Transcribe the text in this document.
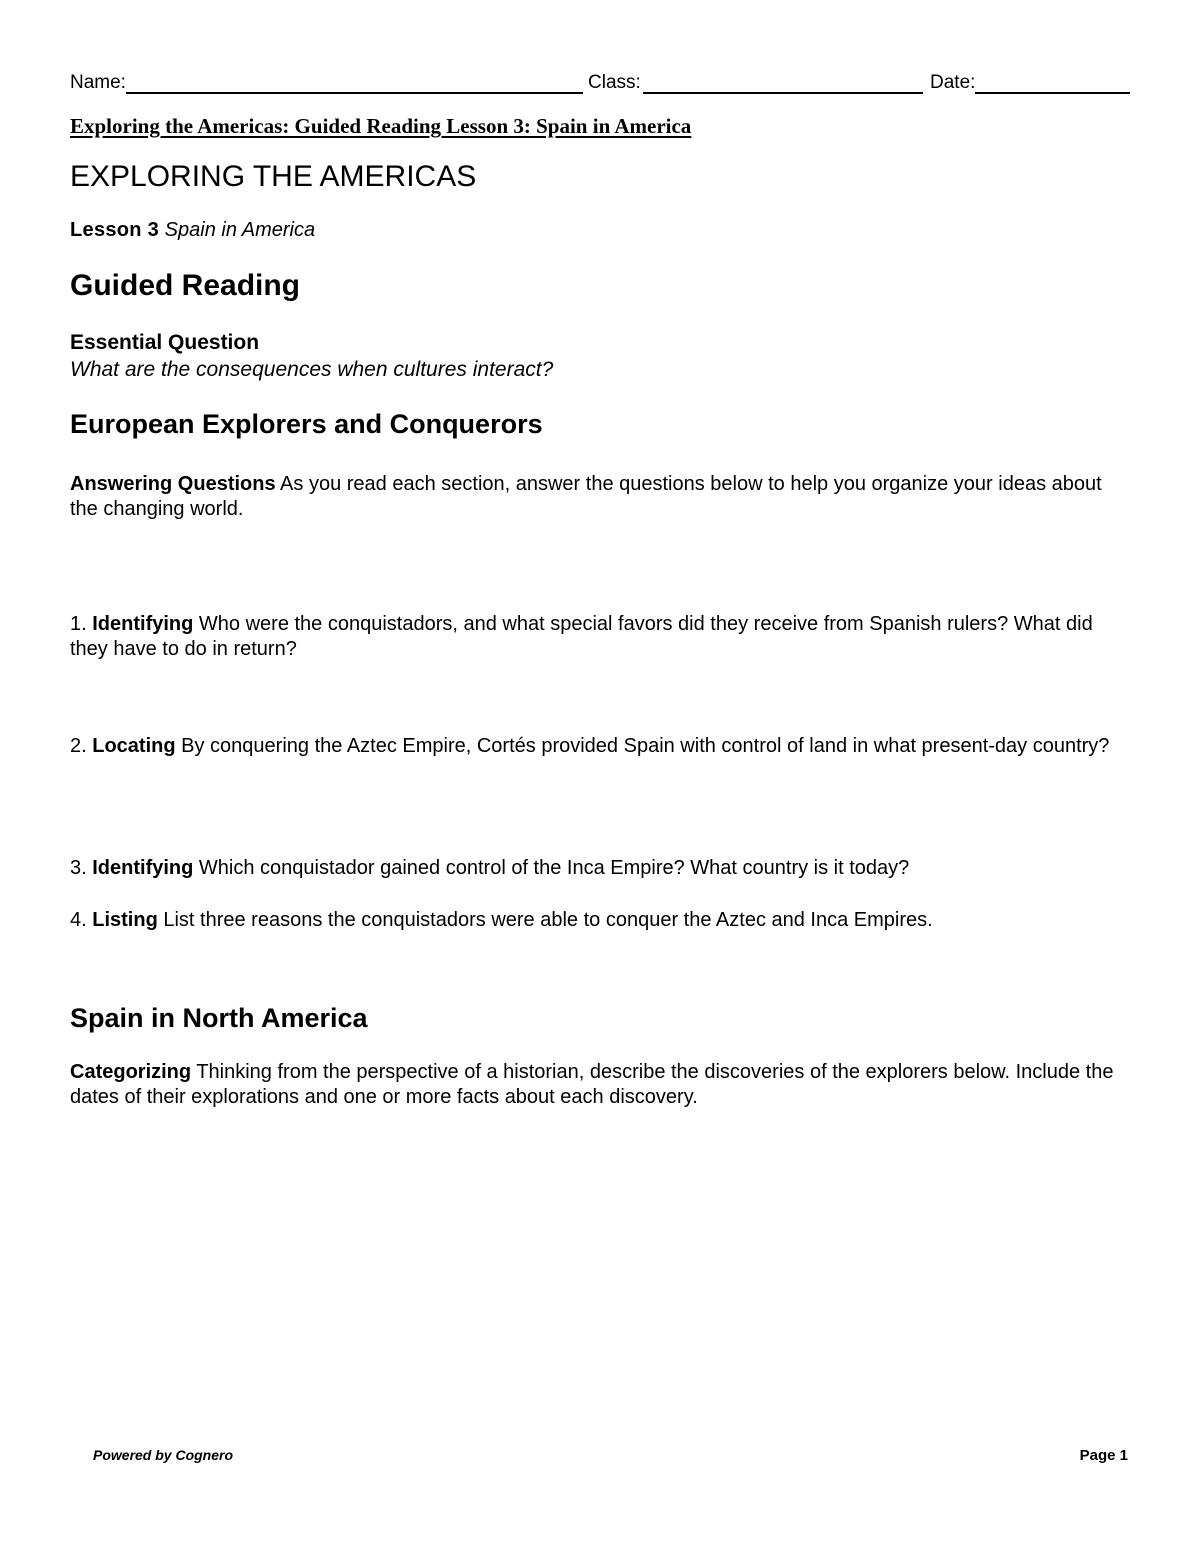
Name:	Class:	Date:
Exploring the Americas: Guided Reading Lesson 3: Spain in America
EXPLORING THE AMERICAS
Lesson 3 Spain in America
Guided Reading
Essential Question
What are the consequences when cultures interact?
European Explorers and Conquerors
Answering Questions As you read each section, answer the questions below to help you organize your ideas about the changing world.
1. Identifying Who were the conquistadors, and what special favors did they receive from Spanish rulers? What did they have to do in return?
2. Locating By conquering the Aztec Empire, Cortés provided Spain with control of land in what present-day country?
3. Identifying Which conquistador gained control of the Inca Empire? What country is it today?
4. Listing List three reasons the conquistadors were able to conquer the Aztec and Inca Empires.
Spain in North America
Categorizing Thinking from the perspective of a historian, describe the discoveries of the explorers below. Include the dates of their explorations and one or more facts about each discovery.
Powered by Cognero	Page 1
